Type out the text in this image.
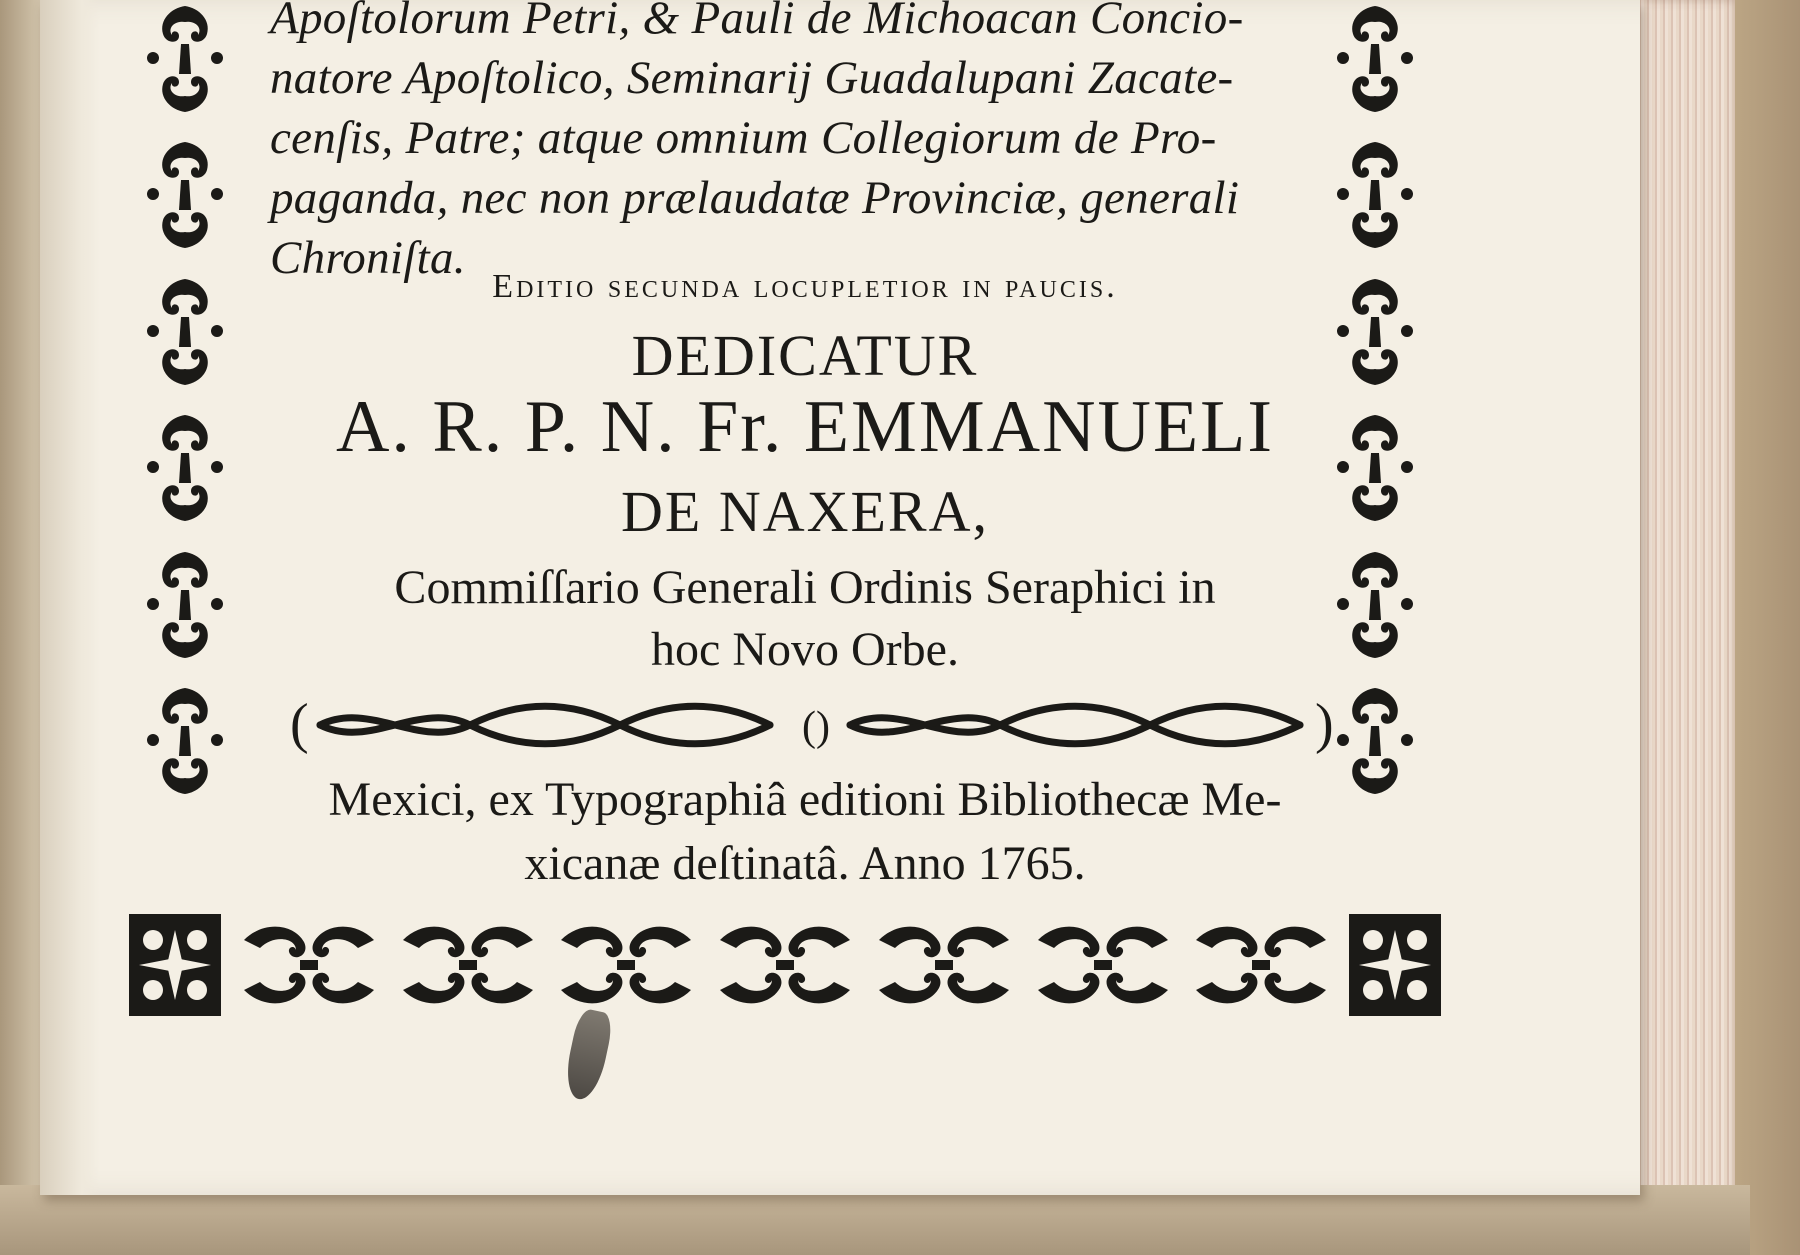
Apoſtolorum Petri, & Pauli de Michoacan Concio-
natore Apoſtolico, Seminarij Guadalupani Zacate-
cenſis, Patre; atque omnium Collegiorum de Pro-
paganda, nec non prælaudatæ Provinciæ, generali
Chroniſta.
Editio secunda locupletior in paucis.
DEDICATUR
A. R. P. N. Fr. EMMANUELI
DE NAXERA,
Commiſſario Generali Ordinis Seraphici in
hoc Novo Orbe.
(	)
()
Mexici, ex Typographiâ editioni Bibliothecæ Me-
xicanæ deſtinatâ. Anno 1765.
